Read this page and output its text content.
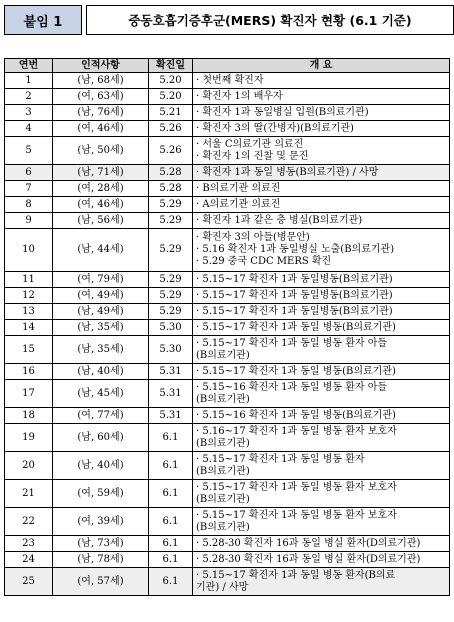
붙임 1	중동호흡기증후군(MERS) 확진자 현황 (6.1 기준)
연번	인적사항	확진일	개 요
1	(남, 68세)	5.20	· 첫번째 확진자

2	(여, 63세)	5.20	· 확진자 1의 배우자

3	(남, 76세)	5.21	· 확진자 1과 동일병실 입원(B의료기관)

4	(여, 46세)	5.26	· 확진자 3의 딸(간병자)(B의료기관)

5	(남, 50세)	5.26	· 서울 C의료기관 의료진
· 확진자 1의 진찰 및 문진

6	(남, 71세)	5.28	· 확진자 1과 동일 병동(B의료기관) / 사망

7	(여, 28세)	5.28	· B의료기관 의료진

8	(여, 46세)	5.29	· A의료기관 의료진

9	(남, 56세)	5.29	· 확진자 1과 같은 층 병실(B의료기관)

10	(남, 44세)	5.29	· 확진자 3의 아들(병문안)
· 5.16 확진자 1과 동일병실 노출(B의료기관)
· 5.29 중국 CDC MERS 확진

11	(여, 79세)	5.29	· 5.15~17 확진자 1과 동일병동(B의료기관)

12	(여, 49세)	5.29	· 5.15~17 확진자 1과 동일병동(B의료기관)

13	(남, 49세)	5.29	· 5.15~17 확진자 1과 동일병동(B의료기관)

14	(남, 35세)	5.30	· 5.15~17 확진자 1과 동일 병동(B의료기관)

15	(남, 35세)	5.30	· 5.15~17 확진자 1과 동일 병동 환자 아들
(B의료기관)

16	(남, 40세)	5.31	· 5.15~17 확진자 1과 동일 병동(B의료기관)

17	(남, 45세)	5.31	· 5.15~16 확진자 1과 동일 병동 환자 아들
(B의료기관)

18	(여, 77세)	5.31	· 5.15~16 확진자 1과 동일 병동(B의료기관)

19	(남, 60세)	6.1	· 5.16~17 확진자 1과 동일 병동 환자 보호자
(B의료기관)

20	(남, 40세)	6.1	· 5.15~17 확진자 1과 동일 병동 환자
(B의료기관)

21	(여, 59세)	6.1	· 5.15~17 확진자 1과 동일 병동 환자 보호자
(B의료기관)

22	(여, 39세)	6.1	· 5.15~17 확진자 1과 동일 병동 환자 보호자
(B의료기관)

23	(남, 73세)	6.1	· 5.28-30 확진자 16과 동일 병실 환자(D의료기관)

24	(남, 78세)	6.1	· 5.28-30 확진자 16과 동일 병실 환자(D의료기관)

25	(여, 57세)	6.1	· 5.15~17 확진자 1과 동일 병동 환자(B의료
기관) / 사망
